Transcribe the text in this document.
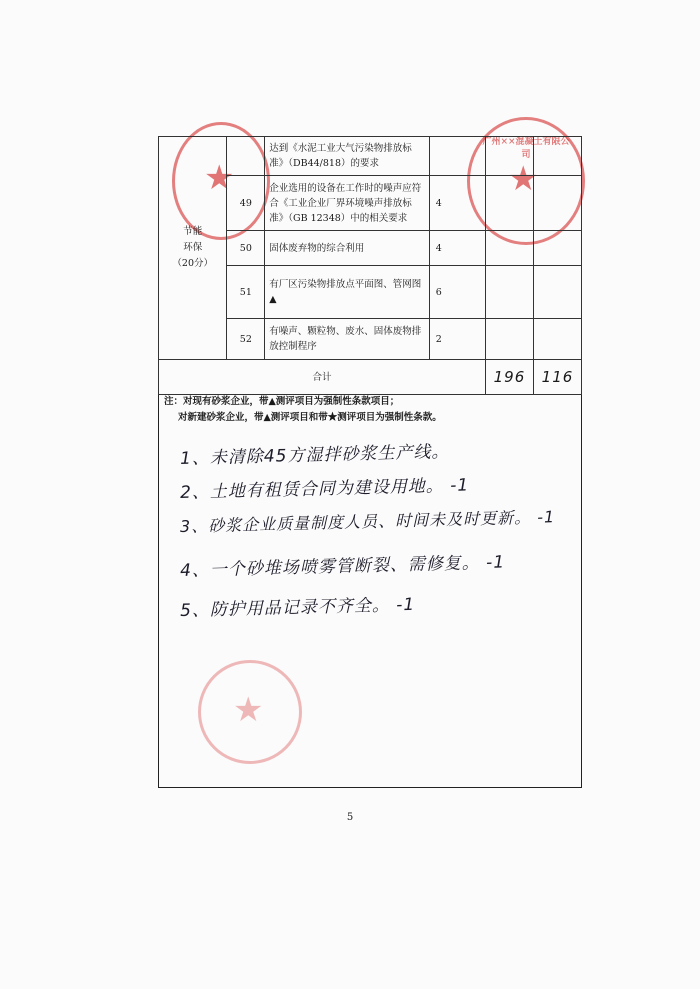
★	★
广州××混凝土有限公司
★
节能
环保
（20分）		达到《水泥工业大气污染物排放标准》（DB44/818）的要求			
	49	企业选用的设备在工作时的噪声应符合《工业企业厂界环境噪声排放标准》（GB 12348）中的相关要求	4		
	50	固体废弃物的综合利用	4		
	51	有厂区污染物排放点平面图、管网图▲	6		
	52	有噪声、颗粒物、废水、固体废物排放控制程序	2		
合计				196	116
注：对现有砂浆企业，带▲测评项目为强制性条款项目；
对新建砂浆企业，带▲测评项目和带★测评项目为强制性条款。
1、未清除45方湿拌砂浆生产线。
2、土地有租赁合同为建设用地。 -1
3、砂浆企业质量制度人员、时间未及时更新。 -1
4、一个砂堆场喷雾管断裂、需修复。 -1
5、防护用品记录不齐全。 -1
5
